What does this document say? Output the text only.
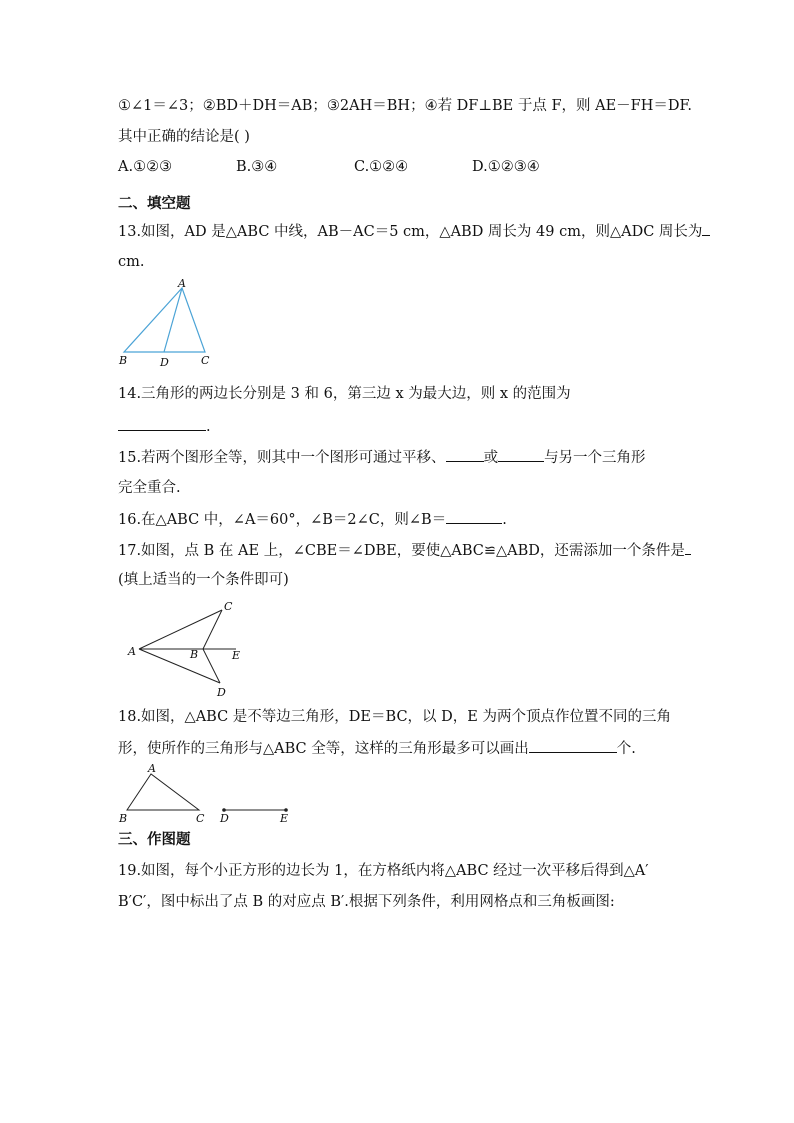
①∠1＝∠3；②BD＋DH＝AB；③2AH＝BH；④若 DF⊥BE 于点 F，则 AE－FH＝DF.
其中正确的结论是( )
A.①②③	B.③④	C.①②④	D.①②③④
二、填空题
13.如图，AD 是△ABC 中线，AB－AC＝5 cm，△ABD 周长为 49 cm，则△ADC 周长为
cm.
A
B	D	C
14.三角形的两边长分别是 3 和 6，第三边 x 为最大边，则 x 的范围为
.
15.若两个图形全等，则其中一个图形可通过平移、	或	与另一个三角形
完全重合.
16.在△ABC 中，∠A＝60°，∠B＝2∠C，则∠B＝	.
17.如图，点 B 在 AE 上，∠CBE＝∠DBE，要使△ABC≌△ABD，还需添加一个条件是
(填上适当的一个条件即可)
A	B
C
D
E
18.如图，△ABC 是不等边三角形，DE＝BC，以 D，E 为两个顶点作位置不同的三角
形，使所作的三角形与△ABC 全等，这样的三角形最多可以画出	个.
A
B	C D	E
三、作图题
19.如图，每个小正方形的边长为 1，在方格纸内将△ABC 经过一次平移后得到△A′
B′C′，图中标出了点 B 的对应点 B′.根据下列条件，利用网格点和三角板画图:
